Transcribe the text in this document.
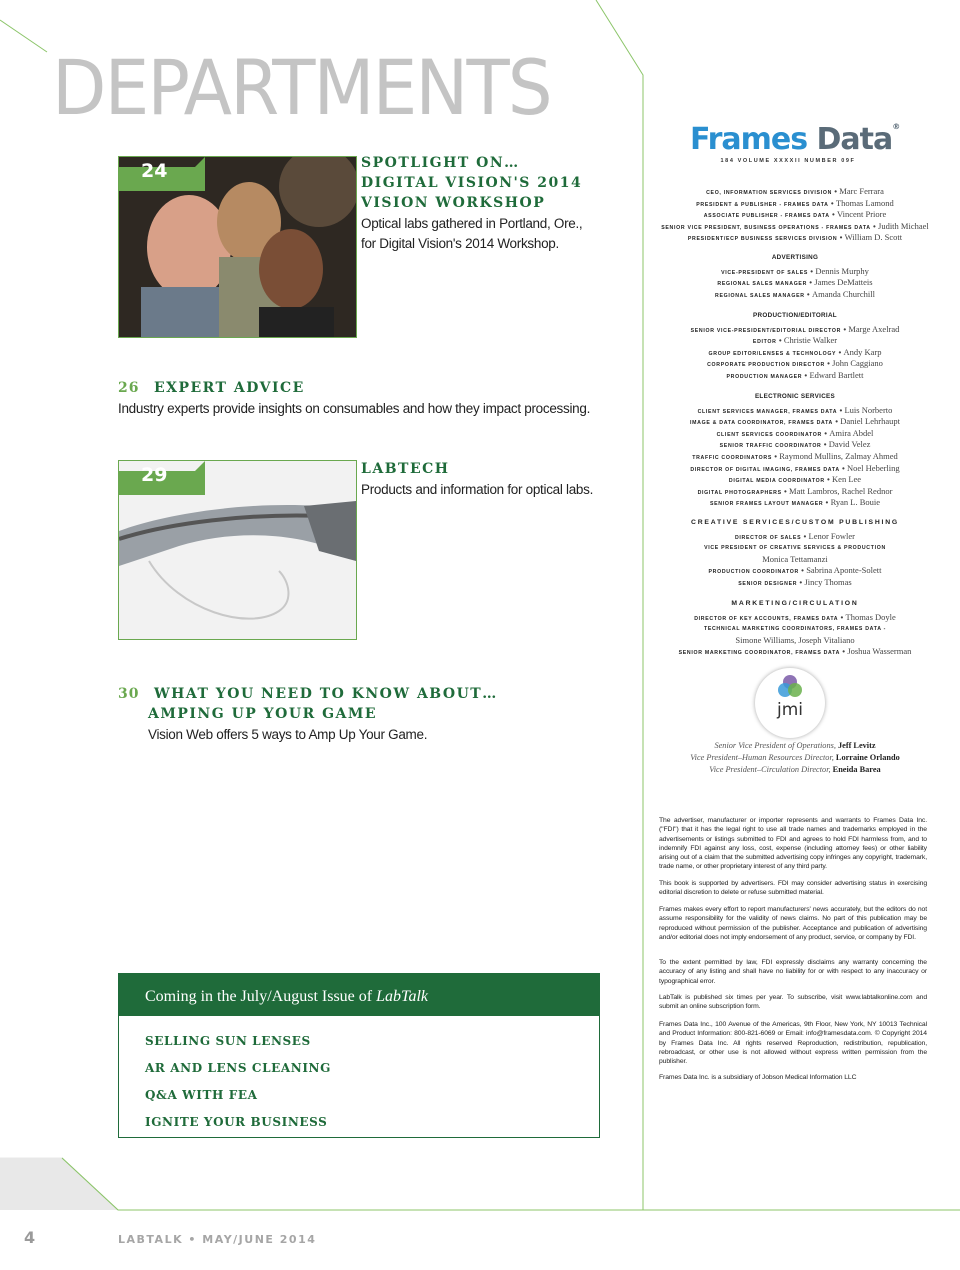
DEPARTMENTS
24	SPOTLIGHT ON…
DIGITAL VISION'S 2014
VISION WORKSHOP
Optical labs gathered in Portland, Ore.,
for Digital Vision's 2014 Workshop.
26 EXPERT ADVICE
Industry experts provide insights on consumables and how they impact processing.
29	LABTECH
Products and information for optical labs.
30 WHAT YOU NEED TO KNOW ABOUT…
AMPING UP YOUR GAME
Vision Web offers 5 ways to Amp Up Your Game.
Coming in the July/August Issue of LabTalk
SELLING SUN LENSES
AR AND LENS CLEANING
Q&A WITH FEA
IGNITE YOUR BUSINESS
Frames Data®
184 VOLUME XXXXII NUMBER 09F
CEO, INFORMATION SERVICES DIVISION • Marc Ferrara
PRESIDENT & PUBLISHER - FRAMES DATA • Thomas Lamond
ASSOCIATE PUBLISHER - FRAMES DATA • Vincent Priore
SENIOR VICE PRESIDENT, BUSINESS OPERATIONS - FRAMES DATA • Judith Michael
PRESIDENT/ECP BUSINESS SERVICES DIVISION • William D. Scott
ADVERTISING
VICE-PRESIDENT OF SALES • Dennis Murphy
REGIONAL SALES MANAGER • James DeMatteis
REGIONAL SALES MANAGER • Amanda Churchill
PRODUCTION/EDITORIAL
SENIOR VICE-PRESIDENT/EDITORIAL DIRECTOR • Marge Axelrad
EDITOR • Christie Walker
GROUP EDITOR/LENSES & TECHNOLOGY • Andy Karp
CORPORATE PRODUCTION DIRECTOR • John Caggiano
PRODUCTION MANAGER • Edward Bartlett
ELECTRONIC SERVICES
CLIENT SERVICES MANAGER, FRAMES DATA • Luis Norberto
IMAGE & DATA COORDINATOR, FRAMES DATA • Daniel Lehrhaupt
CLIENT SERVICES COORDINATOR • Amira Abdel
SENIOR TRAFFIC COORDINATOR • David Velez
TRAFFIC COORDINATORS • Raymond Mullins, Zalmay Ahmed
DIRECTOR OF DIGITAL IMAGING, FRAMES DATA • Noel Heberling
DIGITAL MEDIA COORDINATOR • Ken Lee
DIGITAL PHOTOGRAPHERS • Matt Lambros, Rachel Rednor
SENIOR FRAMES LAYOUT MANAGER • Ryan L. Bouie
CREATIVE SERVICES/CUSTOM PUBLISHING
DIRECTOR OF SALES • Lenor Fowler
VICE PRESIDENT OF CREATIVE SERVICES & PRODUCTION
Monica Tettamanzi
PRODUCTION COORDINATOR • Sabrina Aponte-Solett
SENIOR DESIGNER • Jincy Thomas
MARKETING/CIRCULATION
DIRECTOR OF KEY ACCOUNTS, FRAMES DATA • Thomas Doyle
TECHNICAL MARKETING COORDINATORS, FRAMES DATA -
Simone Williams, Joseph Vitaliano
SENIOR MARKETING COORDINATOR, FRAMES DATA • Joshua Wasserman
jmi
Senior Vice President of Operations, Jeff Levitz
Vice President–Human Resources Director, Lorraine Orlando
Vice President–Circulation Director, Eneida Barea
The advertiser, manufacturer or importer represents and warrants to Frames Data Inc. ("FDI") that it has the legal right to use all trade names and trademarks employed in the advertisements or listings submitted to FDI and agrees to hold FDI harmless from, and to indemnify FDI against any loss, cost, expense (including attorney fees) or other liability arising out of a claim that the submitted advertising copy infringes any copyright, trademark, trade name, or other proprietary interest of any third party.
This book is supported by advertisers. FDI may consider advertising status in exercising editorial discretion to delete or refuse submitted material.
Frames makes every effort to report manufacturers' news accurately, but the editors do not assume responsibility for the validity of news claims. No part of this publication may be reproduced without permission of the publisher. Acceptance and publication of advertising and/or editorial does not imply endorsement of any product, service, or company by FDI.
To the extent permitted by law, FDI expressly disclaims any warranty concerning the accuracy of any listing and shall have no liability for or with respect to any inaccuracy or typographical error.
LabTalk is published six times per year. To subscribe, visit www.labtalkonline.com and submit an online subscription form.
Frames Data Inc., 100 Avenue of the Americas, 9th Floor, New York, NY 10013 Technical and Product Information: 800-821-6069 or Email: info@framesdata.com. © Copyright 2014 by Frames Data Inc. All rights reserved Reproduction, redistribution, republication, rebroadcast, or other use is not allowed without express written permission from the publisher.
Frames Data Inc. is a subsidiary of Jobson Medical Information LLC
4	LABTALK • MAY/JUNE 2014
